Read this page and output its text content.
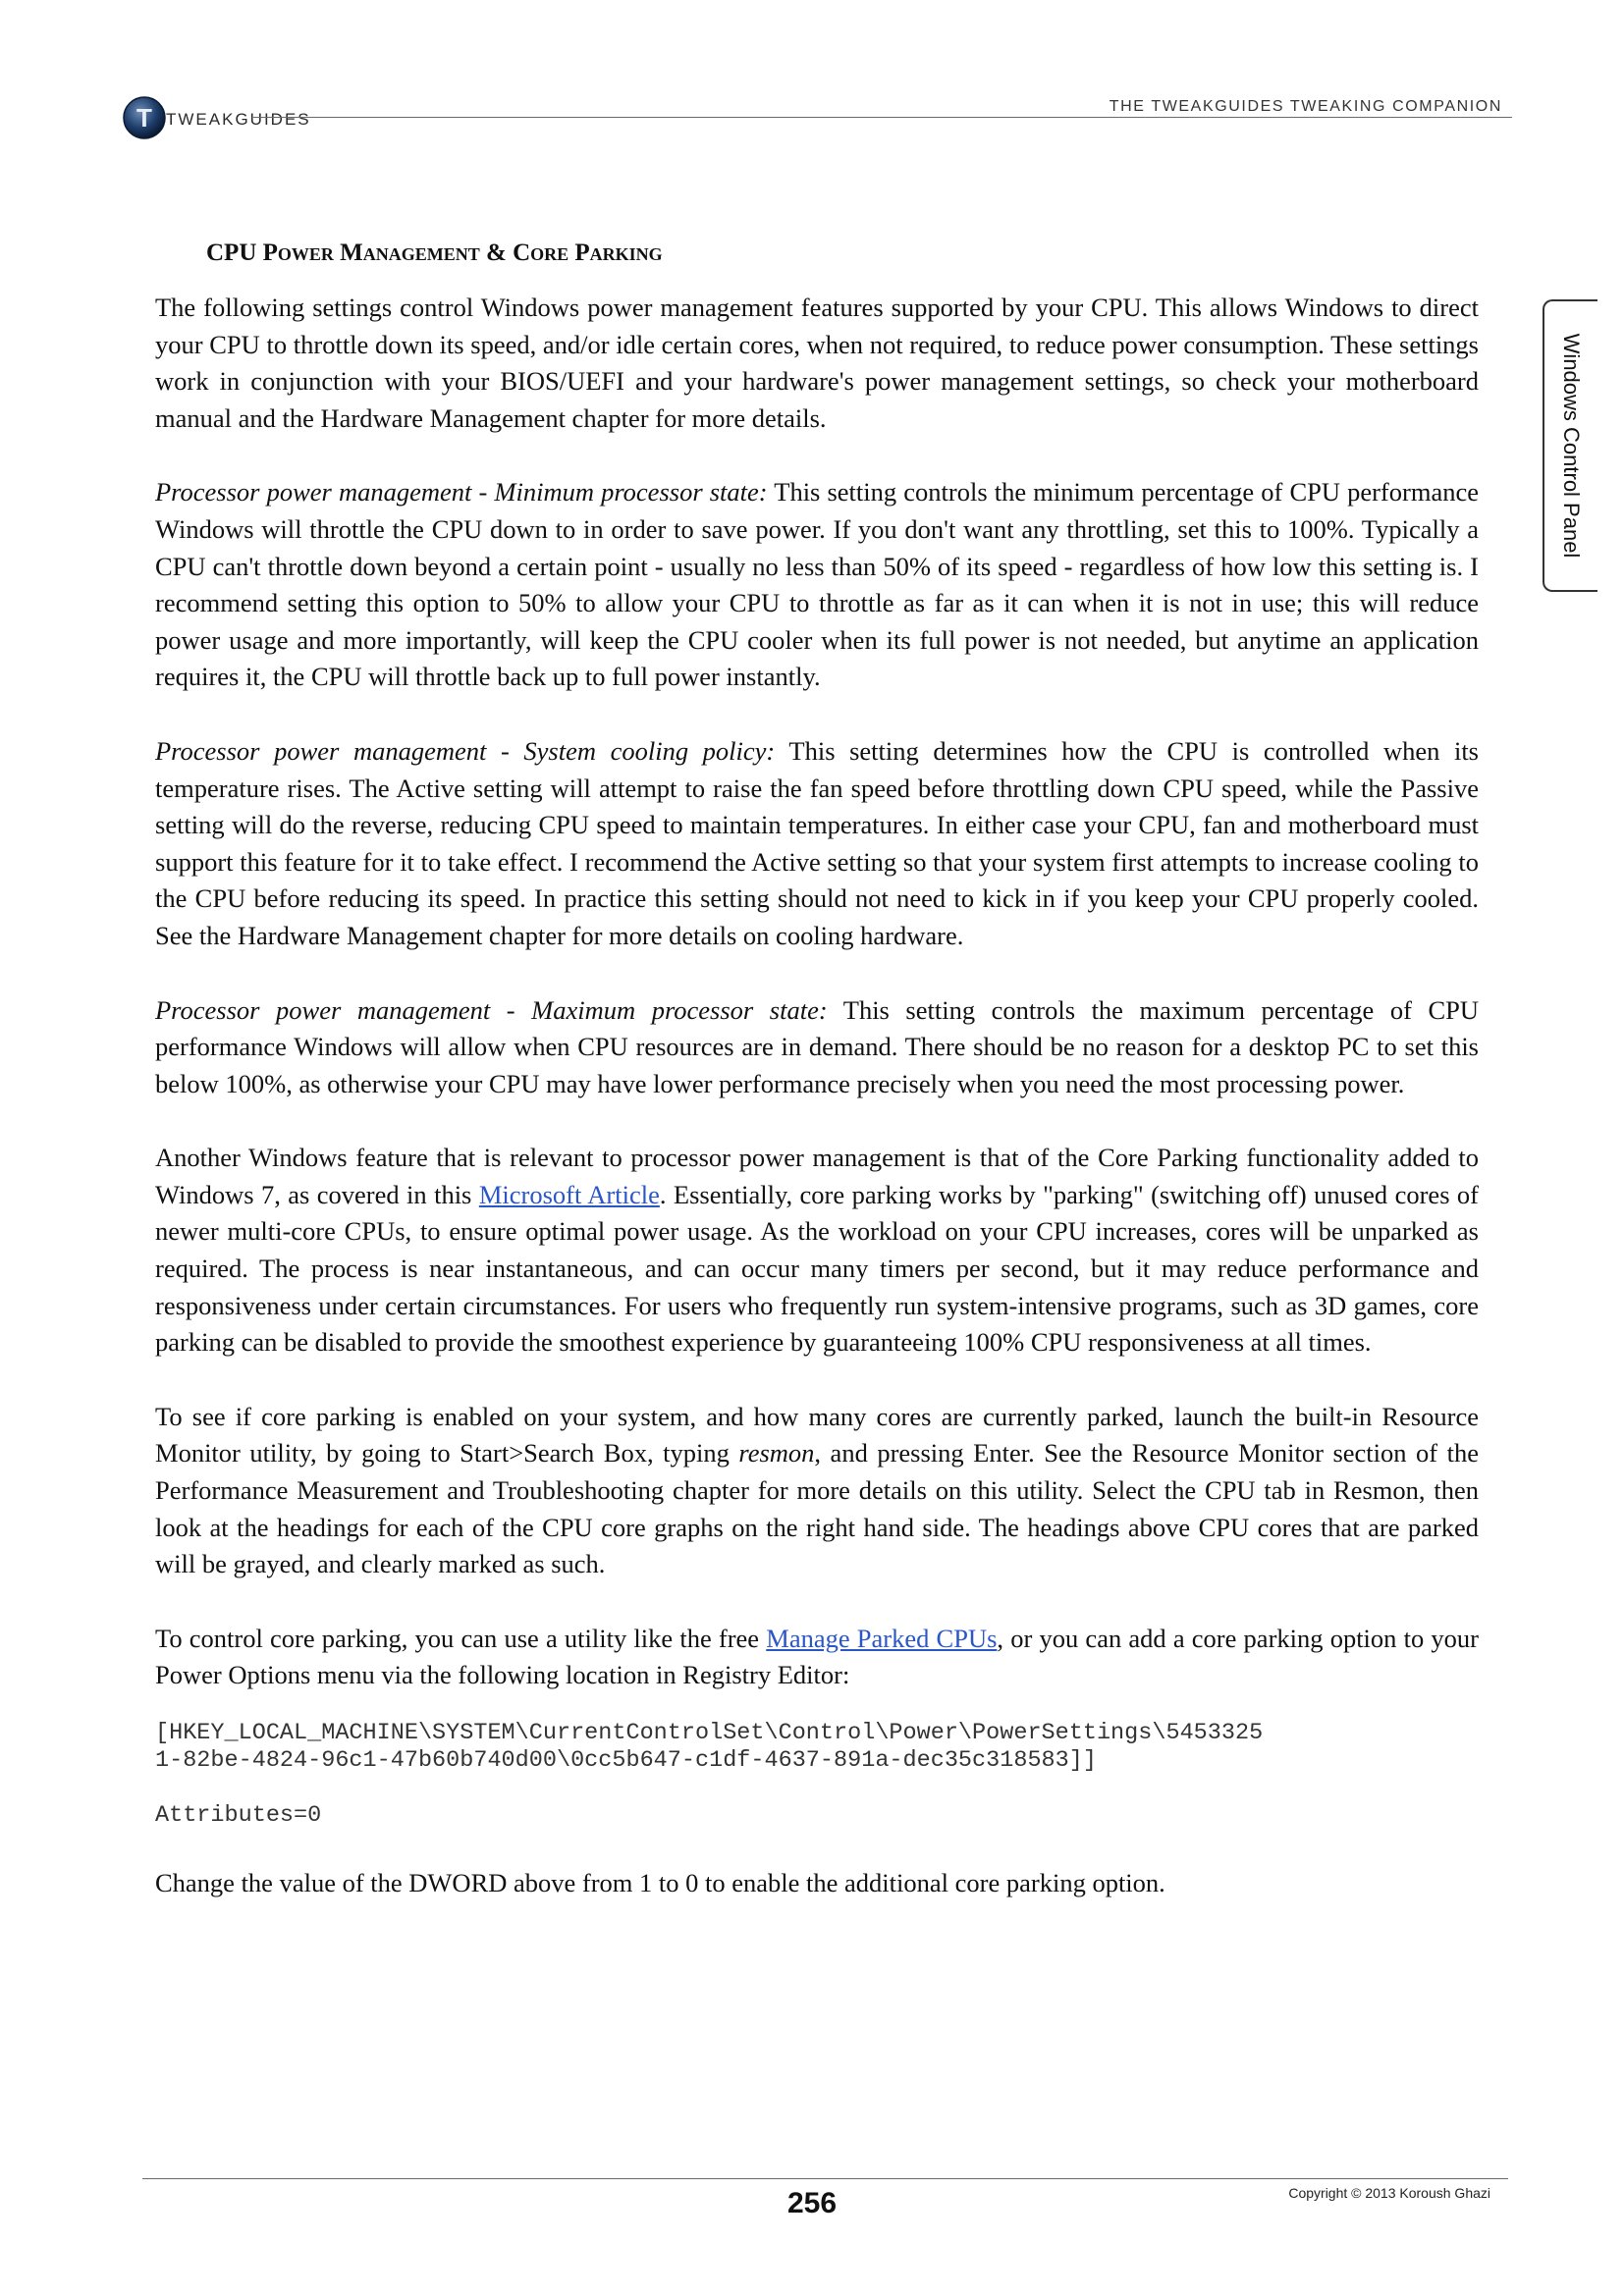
T TWEAKGUIDES
THE TWEAKGUIDES TWEAKING COMPANION
Windows Control Panel
CPU Power Management & Core Parking

The following settings control Windows power management features supported by your CPU. This allows Windows to direct your CPU to throttle down its speed, and/or idle certain cores, when not required, to reduce power consumption. These settings work in conjunction with your BIOS/UEFI and your hardware's power management settings, so check your motherboard manual and the Hardware Management chapter for more details.

Processor power management - Minimum processor state: This setting controls the minimum percentage of CPU performance Windows will throttle the CPU down to in order to save power. If you don't want any throttling, set this to 100%. Typically a CPU can't throttle down beyond a certain point - usually no less than 50% of its speed - regardless of how low this setting is. I recommend setting this option to 50% to allow your CPU to throttle as far as it can when it is not in use; this will reduce power usage and more importantly, will keep the CPU cooler when its full power is not needed, but anytime an application requires it, the CPU will throttle back up to full power instantly.

Processor power management - System cooling policy: This setting determines how the CPU is controlled when its temperature rises. The Active setting will attempt to raise the fan speed before throttling down CPU speed, while the Passive setting will do the reverse, reducing CPU speed to maintain temperatures. In either case your CPU, fan and motherboard must support this feature for it to take effect. I recommend the Active setting so that your system first attempts to increase cooling to the CPU before reducing its speed. In practice this setting should not need to kick in if you keep your CPU properly cooled. See the Hardware Management chapter for more details on cooling hardware.

Processor power management - Maximum processor state: This setting controls the maximum percentage of CPU performance Windows will allow when CPU resources are in demand. There should be no reason for a desktop PC to set this below 100%, as otherwise your CPU may have lower performance precisely when you need the most processing power.

Another Windows feature that is relevant to processor power management is that of the Core Parking functionality added to Windows 7, as covered in this Microsoft Article. Essentially, core parking works by "parking" (switching off) unused cores of newer multi-core CPUs, to ensure optimal power usage. As the workload on your CPU increases, cores will be unparked as required. The process is near instantaneous, and can occur many timers per second, but it may reduce performance and responsiveness under certain circumstances. For users who frequently run system-intensive programs, such as 3D games, core parking can be disabled to provide the smoothest experience by guaranteeing 100% CPU responsiveness at all times.

To see if core parking is enabled on your system, and how many cores are currently parked, launch the built-in Resource Monitor utility, by going to Start>Search Box, typing resmon, and pressing Enter. See the Resource Monitor section of the Performance Measurement and Troubleshooting chapter for more details on this utility. Select the CPU tab in Resmon, then look at the headings for each of the CPU core graphs on the right hand side. The headings above CPU cores that are parked will be grayed, and clearly marked as such.

To control core parking, you can use a utility like the free Manage Parked CPUs, or you can add a core parking option to your Power Options menu via the following location in Registry Editor:

[HKEY_LOCAL_MACHINE\SYSTEM\CurrentControlSet\Control\Power\PowerSettings\5453325
1-82be-4824-96c1-47b60b740d00\0cc5b647-c1df-4637-891a-dec35c318583]]
Attributes=0

Change the value of the DWORD above from 1 to 0 to enable the additional core parking option.

256	Copyright © 2013 Koroush Ghazi
